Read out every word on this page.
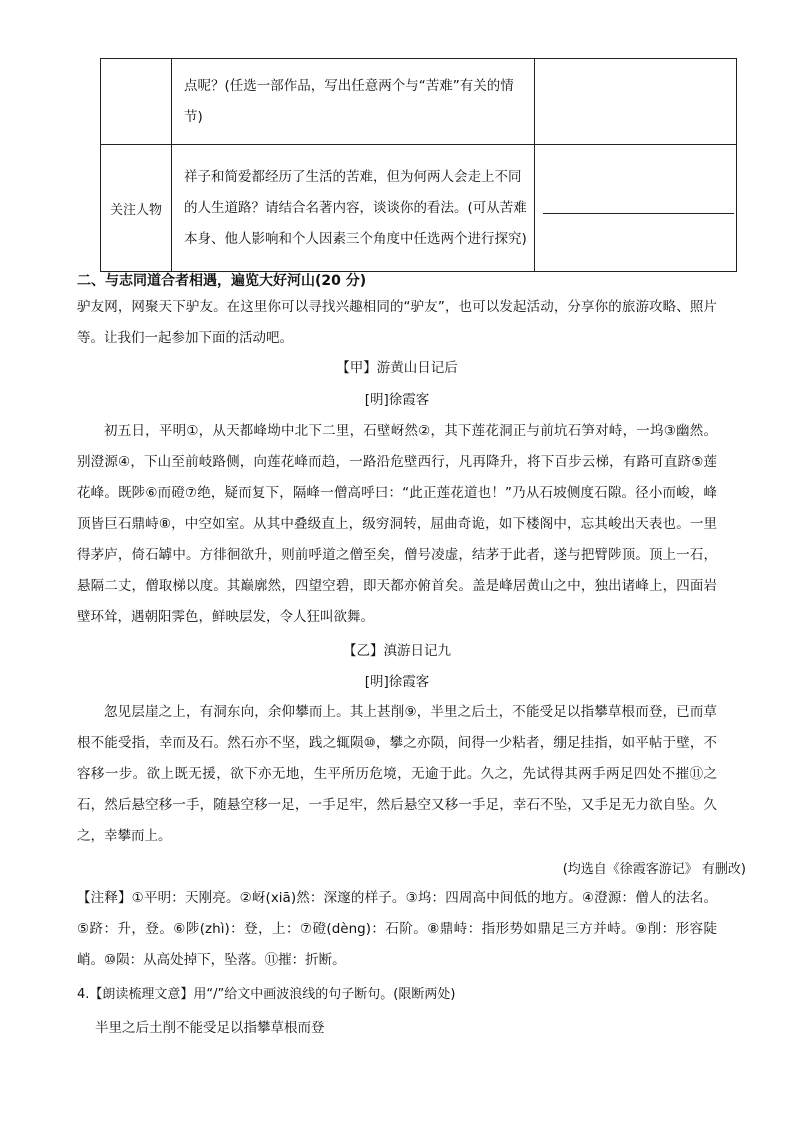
	点呢？(任选一部作品，写出任意两个与“苦难”有关的情节)	
关注人物	祥子和简爱都经历了生活的苦难，但为何两人会走上不同的人生道路？请结合名著内容，谈谈你的看法。(可从苦难本身、他人影响和个人因素三个角度中任选两个进行探究)	
二、与志同道合者相遇，遍览大好河山(20 分)
驴友网，网聚天下驴友。在这里你可以寻找兴趣相同的“驴友”，也可以发起活动，分享你的旅游攻略、照片等。让我们一起参加下面的活动吧。
【甲】游黄山日记后
[明]徐霞客
初五日，平明①，从天都峰坳中北下二里，石壁岈然②，其下莲花洞正与前坑石笋对峙，一坞③幽然。别澄源④，下山至前岐路侧，向莲花峰而趋，一路沿危壁西行，凡再降升，将下百步云梯，有路可直跻⑤莲花峰。既陟⑥而磴⑦绝，疑而复下，隔峰一僧高呼曰：“此正莲花道也！”乃从石坡侧度石隙。径小而峻，峰顶皆巨石鼎峙⑧，中空如室。从其中叠级直上，级穷洞转，屈曲奇诡，如下楼阁中，忘其峻出天表也。一里得茅庐，倚石罅中。方徘徊欲升，则前呼道之僧至矣，僧号凌虚，结茅于此者，遂与把臂陟顶。顶上一石，悬隔二丈，僧取梯以度。其巅廓然，四望空碧，即天都亦俯首矣。盖是峰居黄山之中，独出诸峰上，四面岩壁环耸，遇朝阳霁色，鲜映层发，令人狂叫欲舞。
【乙】滇游日记九
[明]徐霞客
忽见层崖之上，有洞东向，余仰攀而上。其上甚削⑨，半里之后土，不能受足以指攀草根而登，已而草根不能受指，幸而及石。然石亦不坚，践之辄陨⑩，攀之亦陨，间得一少粘者，绷足挂指，如平帖于壁，不容移一步。欲上既无援，欲下亦无地，生平所历危境，无逾于此。久之，先试得其两手两足四处不摧⑪之石，然后悬空移一手，随悬空移一足，一手足牢，然后悬空又移一手足，幸石不坠，又手足无力欲自坠。久之，幸攀而上。
(均选自《徐霞客游记》 有删改)
【注释】①平明：天刚亮。②岈(xiā)然：深邃的样子。③坞：四周高中间低的地方。④澄源：僧人的法名。⑤跻：升，登。⑥陟(zhì)：登，上：⑦磴(dèng)：石阶。⑧鼎峙：指形势如鼎足三方并峙。⑨削：形容陡峭。⑩陨：从高处掉下，坠落。⑪摧：折断。
4.【朗读梳理文意】用“/”给文中画波浪线的句子断句。(限断两处)
半里之后土削不能受足以指攀草根而登
